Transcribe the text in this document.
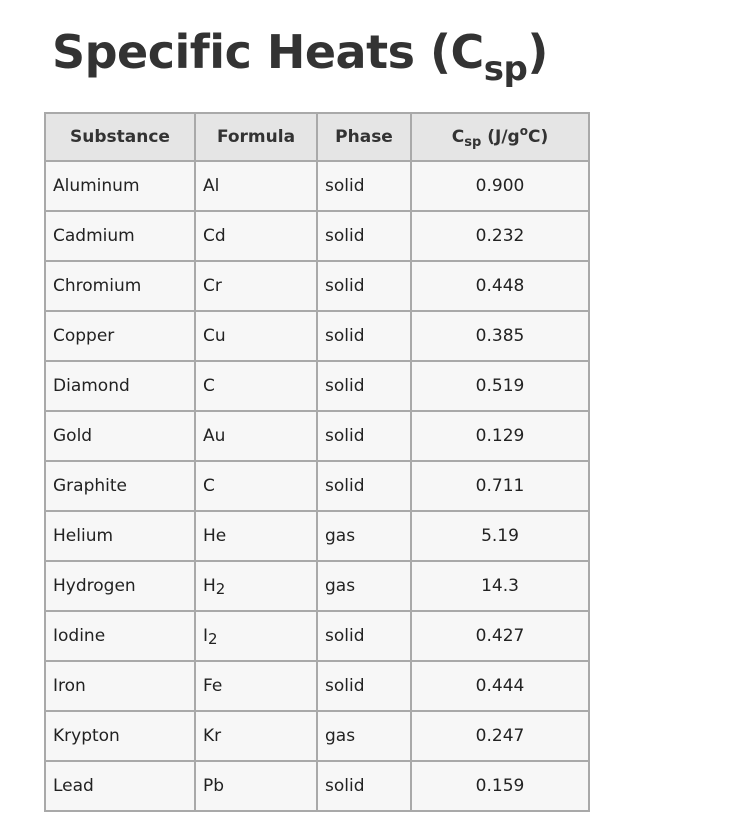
Specific Heats $(C_{sp})$
Substance	Formula	Phase	$C_{sp}$ $(J/g^oC)$
Aluminum	Al	solid	0.900
Cadmium	Cd	solid	0.232
Chromium	Cr	solid	0.448
Copper	Cu	solid	0.385
Diamond	C	solid	0.519
Gold	Au	solid	0.129
Graphite	C	solid	0.711
Helium	He	gas	5.19
Hydrogen	H2	gas	14.3
Iodine	I2	solid	0.427
Iron	Fe	solid	0.444
Krypton	Kr	gas	0.247
Lead	Pb	solid	0.159
